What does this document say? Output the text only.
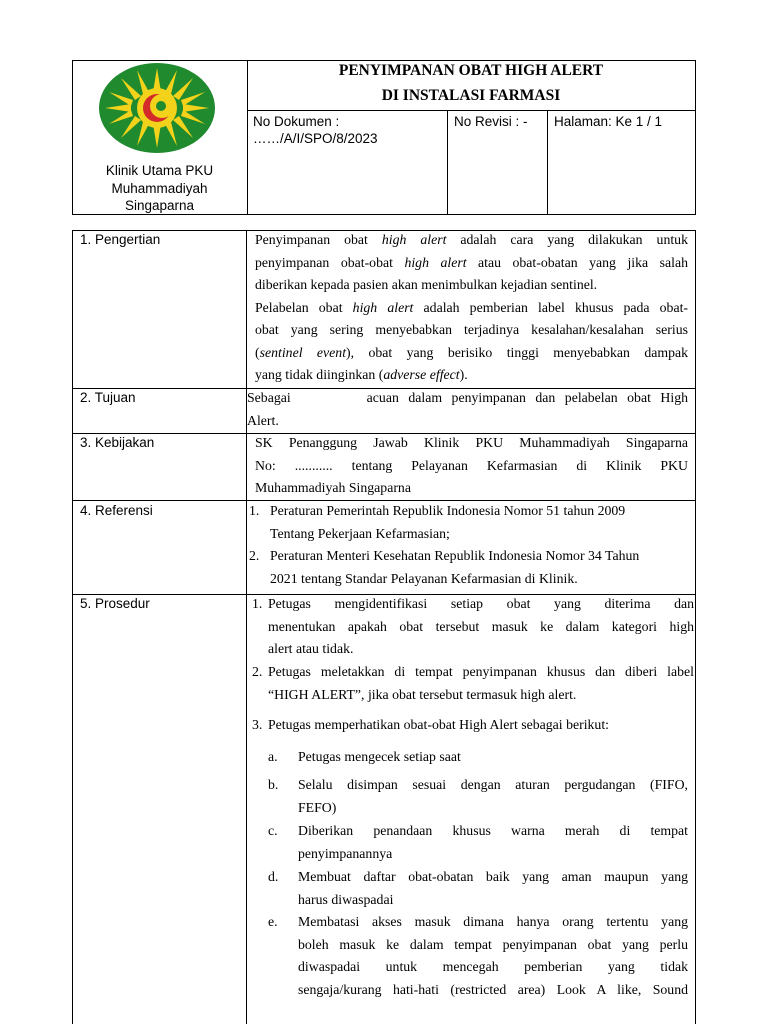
Klinik Utama PKU
Muhammadiyah
Singaparna
PENYIMPANAN OBAT HIGH ALERT
DI INSTALASI FARMASI
No Dokumen :
……/A/I/SPO/8/2023
No Revisi : - Halaman: Ke 1 / 1
1. Pengertian	Penyimpanan obat high alert adalah cara yang dilakukan untuk
penyimpanan obat-obat high alert atau obat-obatan yang jika salah
diberikan kepada pasien akan menimbulkan kejadian sentinel.
Pelabelan obat high alert adalah pemberian label khusus pada obat-
obat yang sering menyebabkan terjadinya kesalahan/kesalahan serius
(sentinel event), obat yang berisiko tinggi menyebabkan dampak
yang tidak diinginkan (adverse effect).
2. Tujuan	Sebagai        acuan dalam penyimpanan dan pelabelan obat High
Alert.
3. Kebijakan	SK Penanggung Jawab Klinik PKU Muhammadiyah Singaparna
No: ........... tentang Pelayanan Kefarmasian di Klinik PKU
Muhammadiyah Singaparna
4. Referensi	1. Peraturan Pemerintah Republik Indonesia Nomor 51 tahun 2009
Tentang Pekerjaan Kefarmasian;
2. Peraturan Menteri Kesehatan Republik Indonesia Nomor 34 Tahun
2021 tentang Standar Pelayanan Kefarmasian di Klinik.
5. Prosedur	1. Petugas mengidentifikasi setiap obat yang diterima dan
menentukan apakah obat tersebut masuk ke dalam kategori high
alert atau tidak.
2. Petugas meletakkan di tempat penyimpanan khusus dan diberi label
“HIGH ALERT”, jika obat tersebut termasuk high alert.
3. Petugas memperhatikan obat-obat High Alert sebagai berikut:
a. Petugas mengecek setiap saat
b. Selalu disimpan sesuai dengan aturan pergudangan (FIFO,
FEFO)
c. Diberikan penandaan khusus warna merah di tempat
penyimpanannya
d. Membuat daftar obat-obatan baik yang aman maupun yang
harus diwaspadai
e. Membatasi akses masuk dimana hanya orang tertentu yang
boleh masuk ke dalam tempat penyimpanan obat yang perlu
diwaspadai untuk mencegah pemberian yang tidak
sengaja/kurang hati-hati (restricted area) Look A like, Sound
